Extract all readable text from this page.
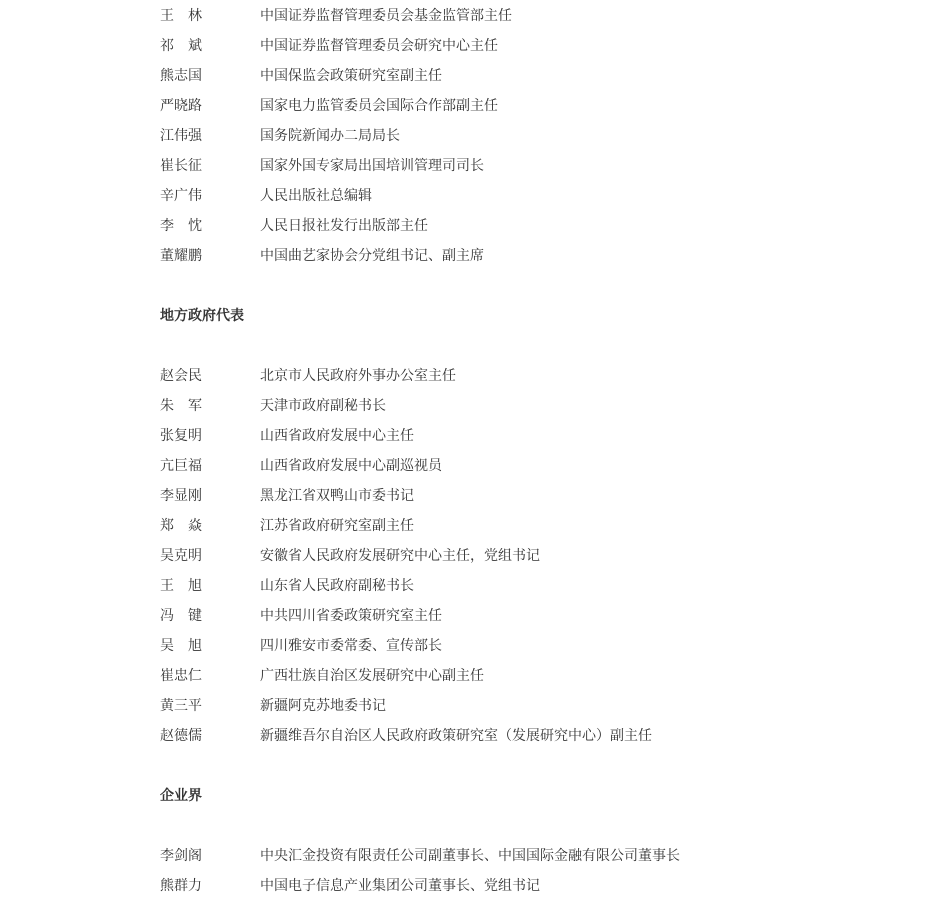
王　林	中国证券监督管理委员会基金监管部主任
祁　斌	中国证券监督管理委员会研究中心主任
熊志国	中国保监会政策研究室副主任
严晓路	国家电力监管委员会国际合作部副主任
江伟强	国务院新闻办二局局长
崔长征	国家外国专家局出国培训管理司司长
辛广伟	人民出版社总编辑
李　忱	人民日报社发行出版部主任
董耀鹏	中国曲艺家协会分党组书记、副主席
地方政府代表
赵会民	北京市人民政府外事办公室主任
朱　军	天津市政府副秘书长
张复明	山西省政府发展中心主任
亢巨福	山西省政府发展中心副巡视员
李显刚	黑龙江省双鸭山市委书记
郑　焱	江苏省政府研究室副主任
吴克明	安徽省人民政府发展研究中心主任，党组书记
王　旭	山东省人民政府副秘书长
冯　键	中共四川省委政策研究室主任
吴　旭	四川雅安市委常委、宣传部长
崔忠仁	广西壮族自治区发展研究中心副主任
黄三平	新疆阿克苏地委书记
赵德儒	新疆维吾尔自治区人民政府政策研究室（发展研究中心）副主任
企业界
李剑阁	中央汇金投资有限责任公司副董事长、中国国际金融有限公司董事长
熊群力	中国电子信息产业集团公司董事长、党组书记
